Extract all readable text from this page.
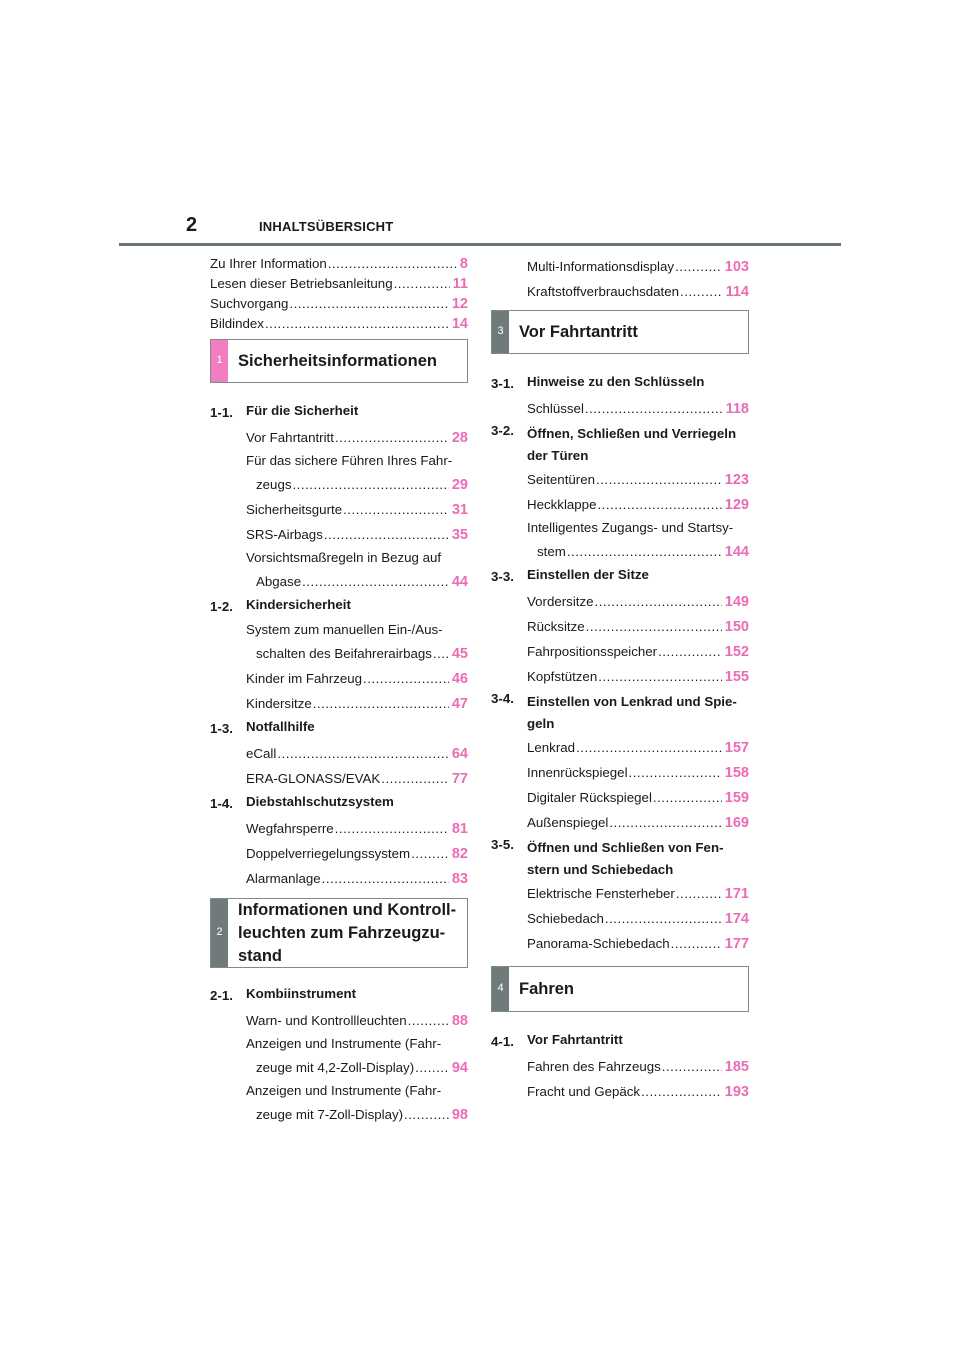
2	INHALTSÜBERSICHT
Zu Ihrer Information .....	8
Lesen dieser Betriebsanleitung .....	11
Suchvorgang .....	12
Bildindex .....	14
1 Sicherheitsinformationen
1-1. Für die Sicherheit
Vor Fahrtantritt .....	28
Für das sichere Führen Ihres Fahr-
zeugs .....	29
Sicherheitsgurte .....	31
SRS-Airbags .....	35
Vorsichtsmaßregeln in Bezug auf
Abgase .....	44
1-2. Kindersicherheit
System zum manuellen Ein-/Aus-
schalten des Beifahrerairbags ..... 45
Kinder im Fahrzeug .....	46
Kindersitze .....	47
1-3. Notfallhilfe
eCall .....	64
ERA-GLONASS/EVAK .....	77
1-4. Diebstahlschutzsystem
Wegfahrsperre .....	81
Doppelverriegelungssystem .....	82
Alarmanlage .....	83
2
Informationen und Kontroll-
leuchten zum Fahrzeugzu-
stand
2-1. Kombiinstrument
Warn- und Kontrollleuchten .....	88
Anzeigen und Instrumente (Fahr-
zeuge mit 4,2-Zoll-Display) .....	94
Anzeigen und Instrumente (Fahr-
zeuge mit 7-Zoll-Display) .....	98
Multi-Informationsdisplay .....	103
Kraftstoffverbrauchsdaten .....	114
3 Vor Fahrtantritt
3-1. Hinweise zu den Schlüsseln
Schlüssel .....	118
3-2. Öffnen, Schließen und Verriegeln
der Türen
Seitentüren .....	123
Heckklappe .....	129
Intelligentes Zugangs- und Startsy-
stem .....	144
3-3. Einstellen der Sitze
Vordersitze .....	149
Rücksitze .....	150
Fahrpositionsspeicher .....	152
Kopfstützen .....	155
3-4. Einstellen von Lenkrad und Spie-
geln
Lenkrad .....	157
Innenrückspiegel .....	158
Digitaler Rückspiegel .....	159
Außenspiegel .....	169
3-5. Öffnen und Schließen von Fen-
stern und Schiebedach
Elektrische Fensterheber .....	171
Schiebedach .....	174
Panorama-Schiebedach .....	177
4 Fahren
4-1. Vor Fahrtantritt
Fahren des Fahrzeugs .....	185
Fracht und Gepäck .....	193
